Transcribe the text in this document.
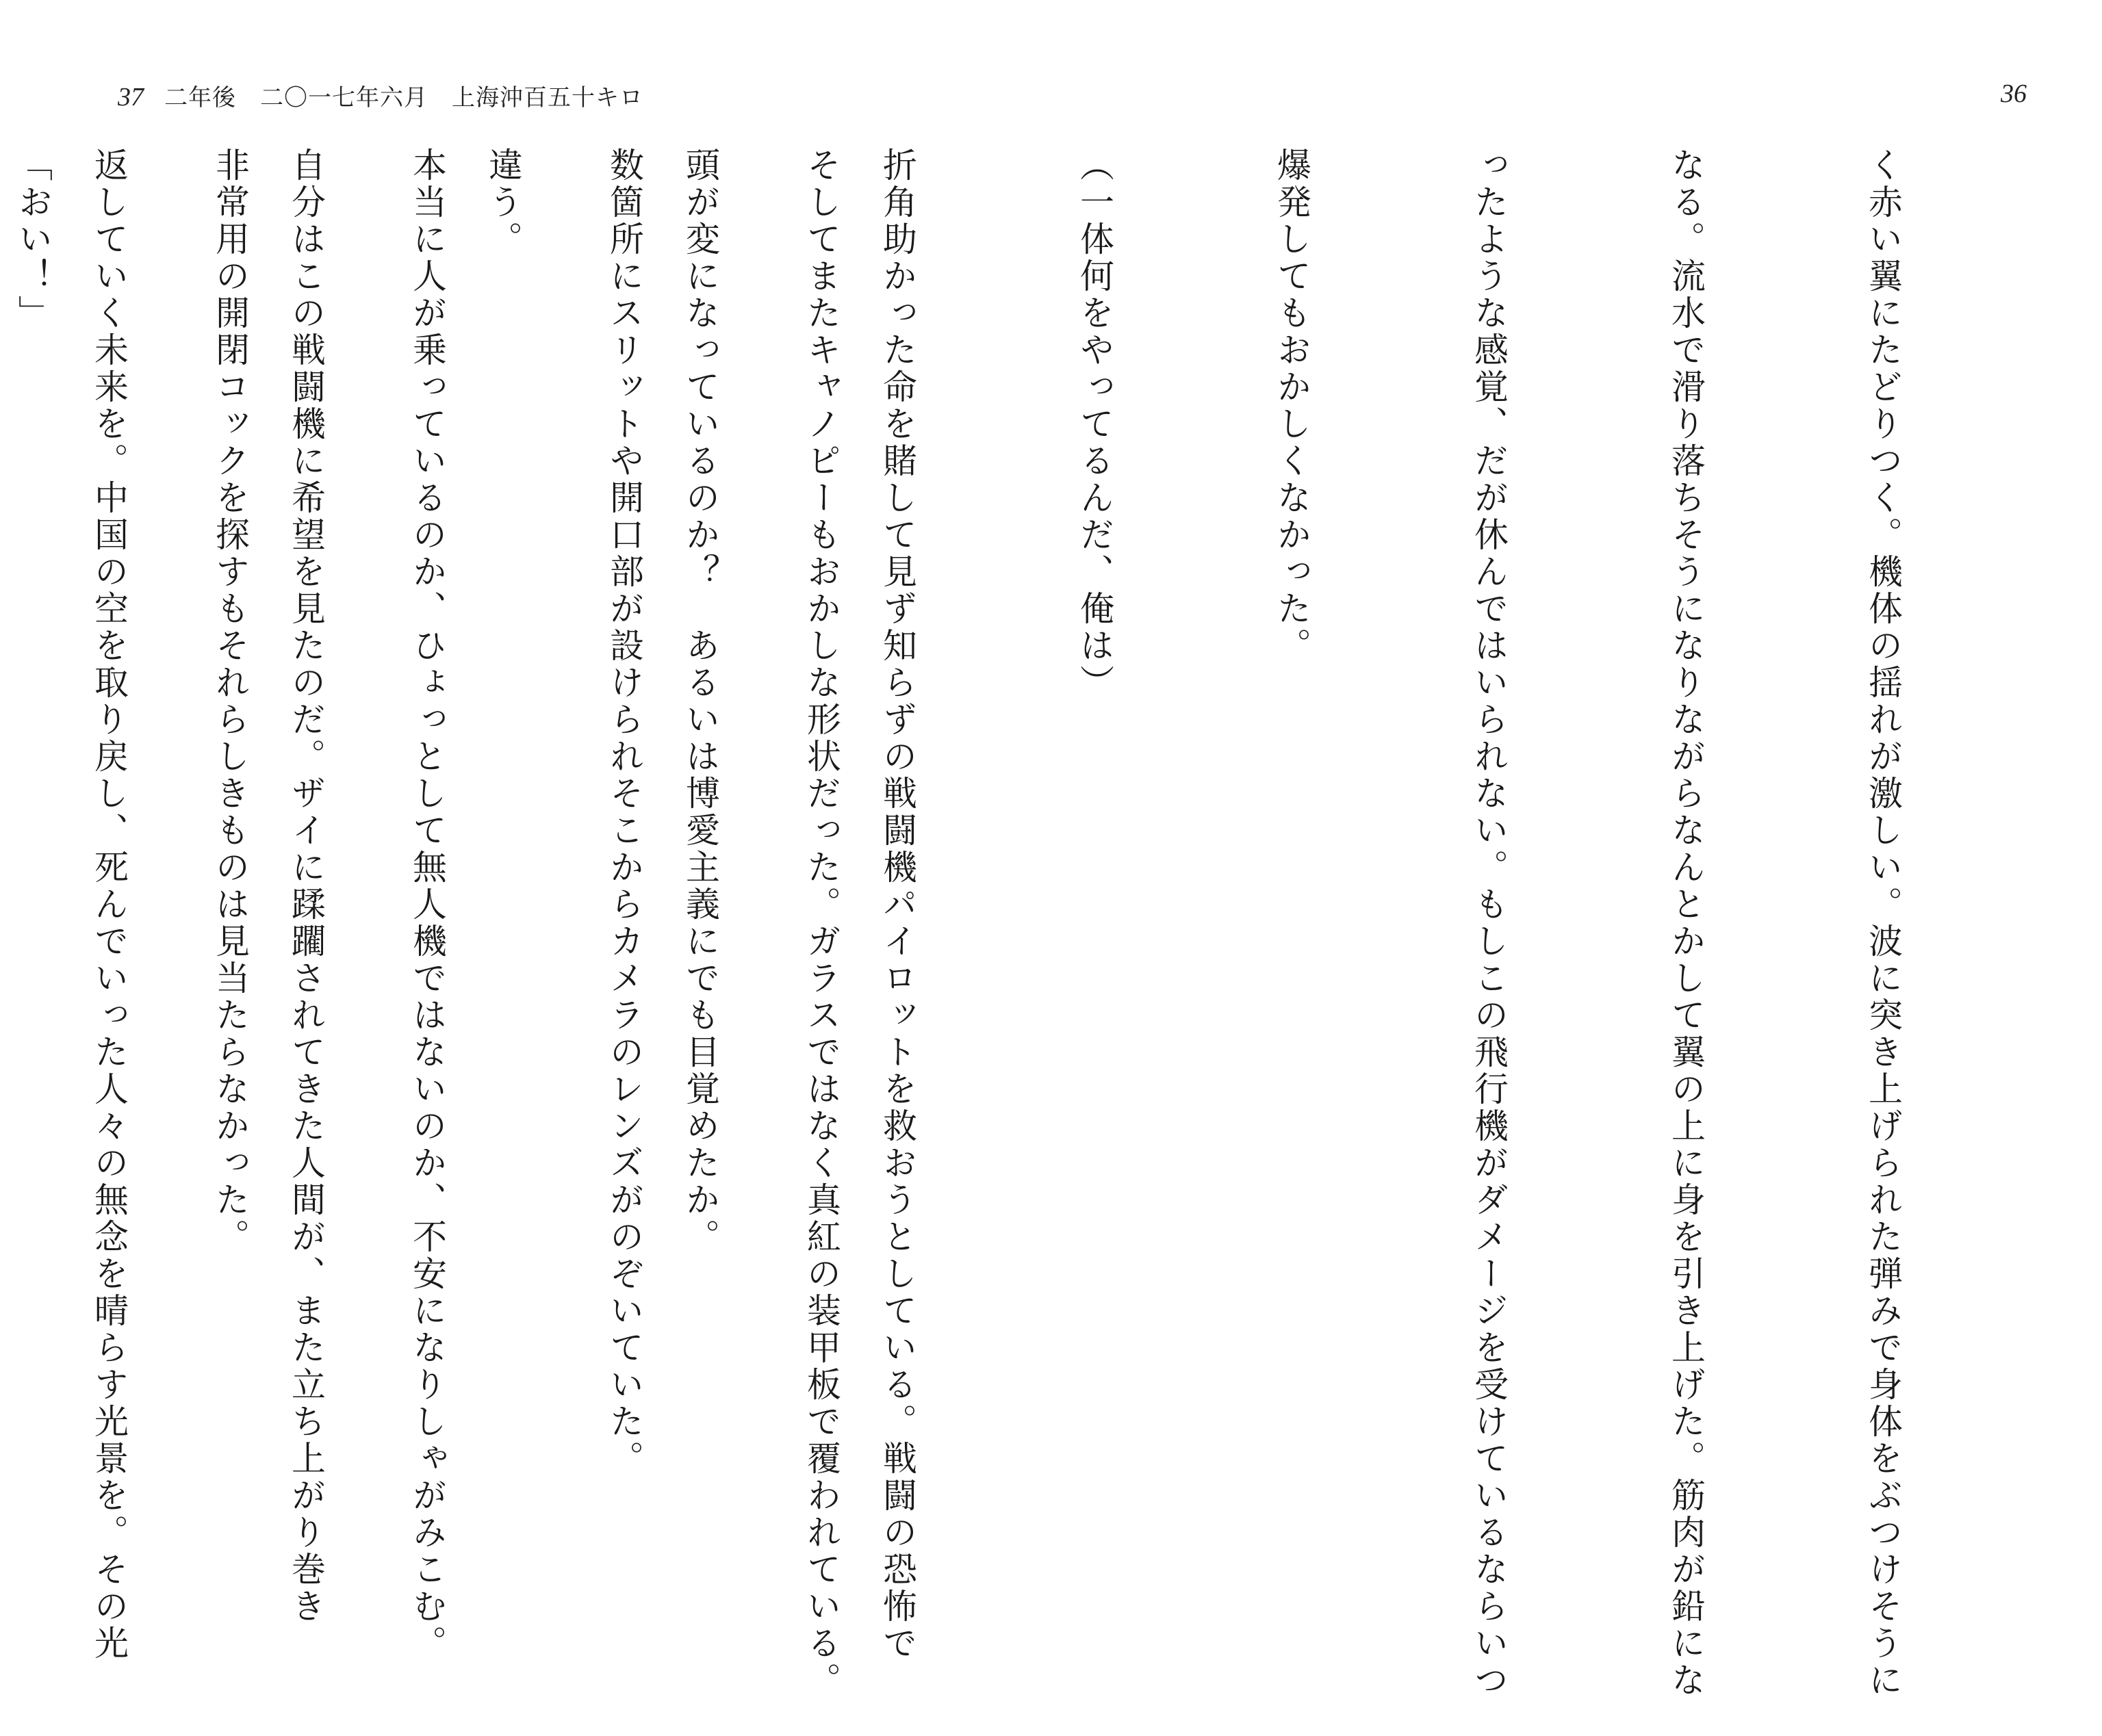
37 二年後　二〇一七年六月　上海沖百五十キロ

そしてまたキャノピーもおかしな形状だった。ガラスではなく真紅の装甲板で覆われている。

数箇所にスリットや開口部が設けられそこからカメラのレンズがのぞいていた。

本当に人が乗っているのか、ひょっとして無人機ではないのか、不安になりしゃがみこむ。

非常用の開閉コックを探すもそれらしきものは見当たらなかった。

「おい！」

36

く赤い翼にたどりつく。機体の揺れが激しい。波に突き上げられた弾みで身体をぶつけそうに

なる。流水で滑り落ちそうになりながらなんとかして翼の上に身を引き上げた。筋肉が鉛にな

ったような感覚、だが休んではいられない。もしこの飛行機がダメージを受けているならいつ

爆発してもおかしくなかった。

（一体何をやってるんだ、俺は）

折角助かった命を賭して見ず知らずの戦闘機パイロットを救おうとしている。戦闘の恐怖で

頭が変になっているのか？　あるいは博愛主義にでも目覚めたか。

違う。

自分はこの戦闘機に希望を見たのだ。ザイに蹂躙されてきた人間が、また立ち上がり巻き

返していく未来を。中国の空を取り戻し、死んでいった人々の無念を晴らす光景を。その光
